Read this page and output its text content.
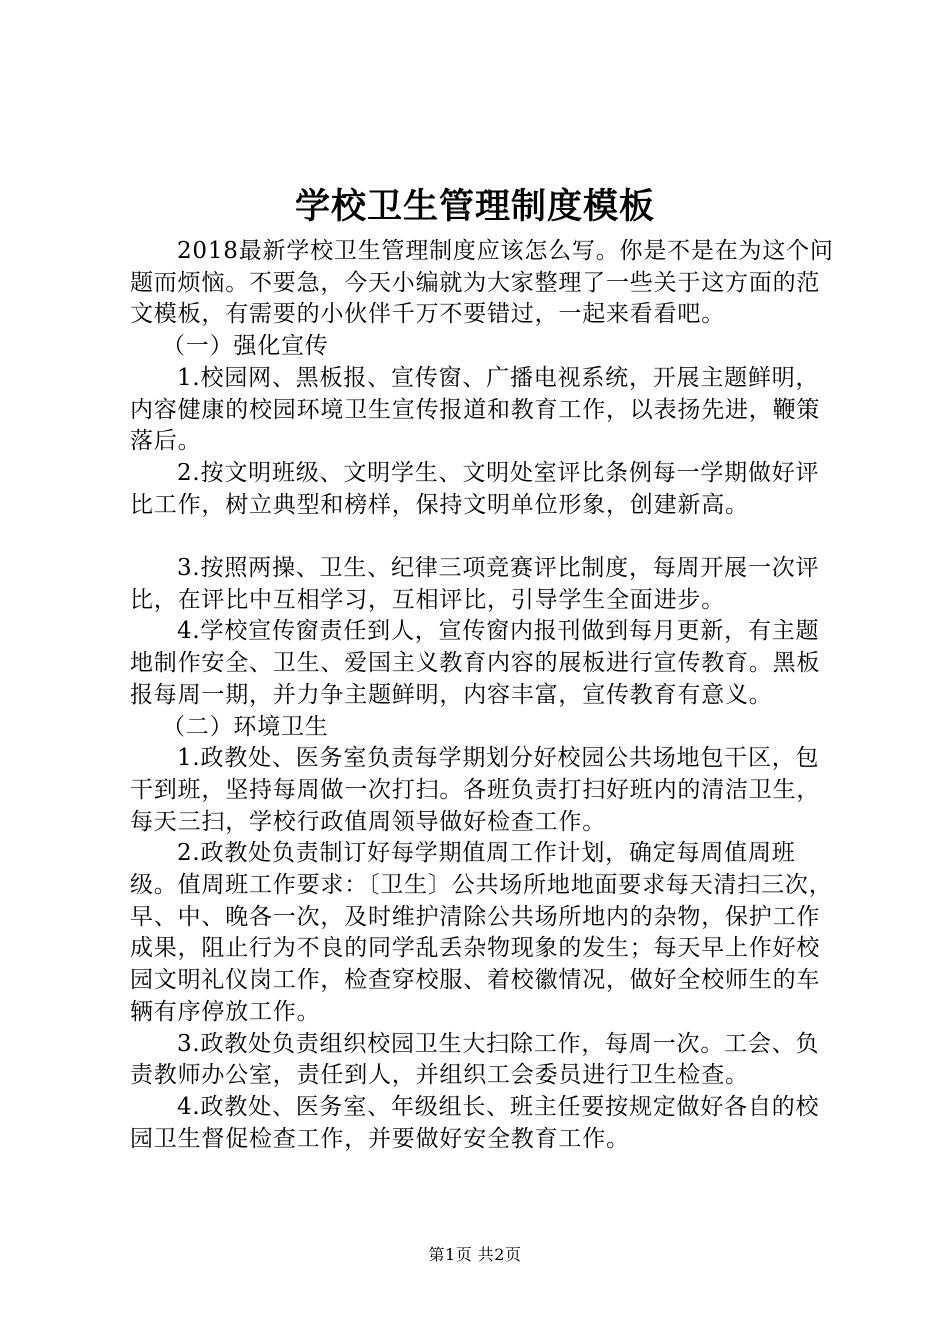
学校卫生管理制度模板

2018最新学校卫生管理制度应该怎么写。你是不是在为这个问题而烦恼。不要急，今天小编就为大家整理了一些关于这方面的范文模板，有需要的小伙伴千万不要错过，一起来看看吧。

（一）强化宣传

1.校园网、黑板报、宣传窗、广播电视系统，开展主题鲜明，内容健康的校园环境卫生宣传报道和教育工作，以表扬先进，鞭策落后。

2.按文明班级、文明学生、文明处室评比条例每一学期做好评比工作，树立典型和榜样，保持文明单位形象，创建新高。

3.按照两操、卫生、纪律三项竞赛评比制度，每周开展一次评比，在评比中互相学习，互相评比，引导学生全面进步。

4.学校宣传窗责任到人，宣传窗内报刊做到每月更新，有主题地制作安全、卫生、爱国主义教育内容的展板进行宣传教育。黑板报每周一期，并力争主题鲜明，内容丰富，宣传教育有意义。

（二）环境卫生

1.政教处、医务室负责每学期划分好校园公共场地包干区，包干到班，坚持每周做一次打扫。各班负责打扫好班内的清洁卫生，每天三扫，学校行政值周领导做好检查工作。

2.政教处负责制订好每学期值周工作计划，确定每周值周班级。值周班工作要求：〔卫生〕公共场所地地面要求每天清扫三次，早、中、晚各一次，及时维护清除公共场所地内的杂物，保护工作成果，阻止行为不良的同学乱丢杂物现象的发生；每天早上作好校园文明礼仪岗工作，检查穿校服、着校徽情况，做好全校师生的车辆有序停放工作。

3.政教处负责组织校园卫生大扫除工作，每周一次。工会、负责教师办公室，责任到人，并组织工会委员进行卫生检查。

4.政教处、医务室、年级组长、班主任要按规定做好各自的校园卫生督促检查工作，并要做好安全教育工作。

第1页 共2页
